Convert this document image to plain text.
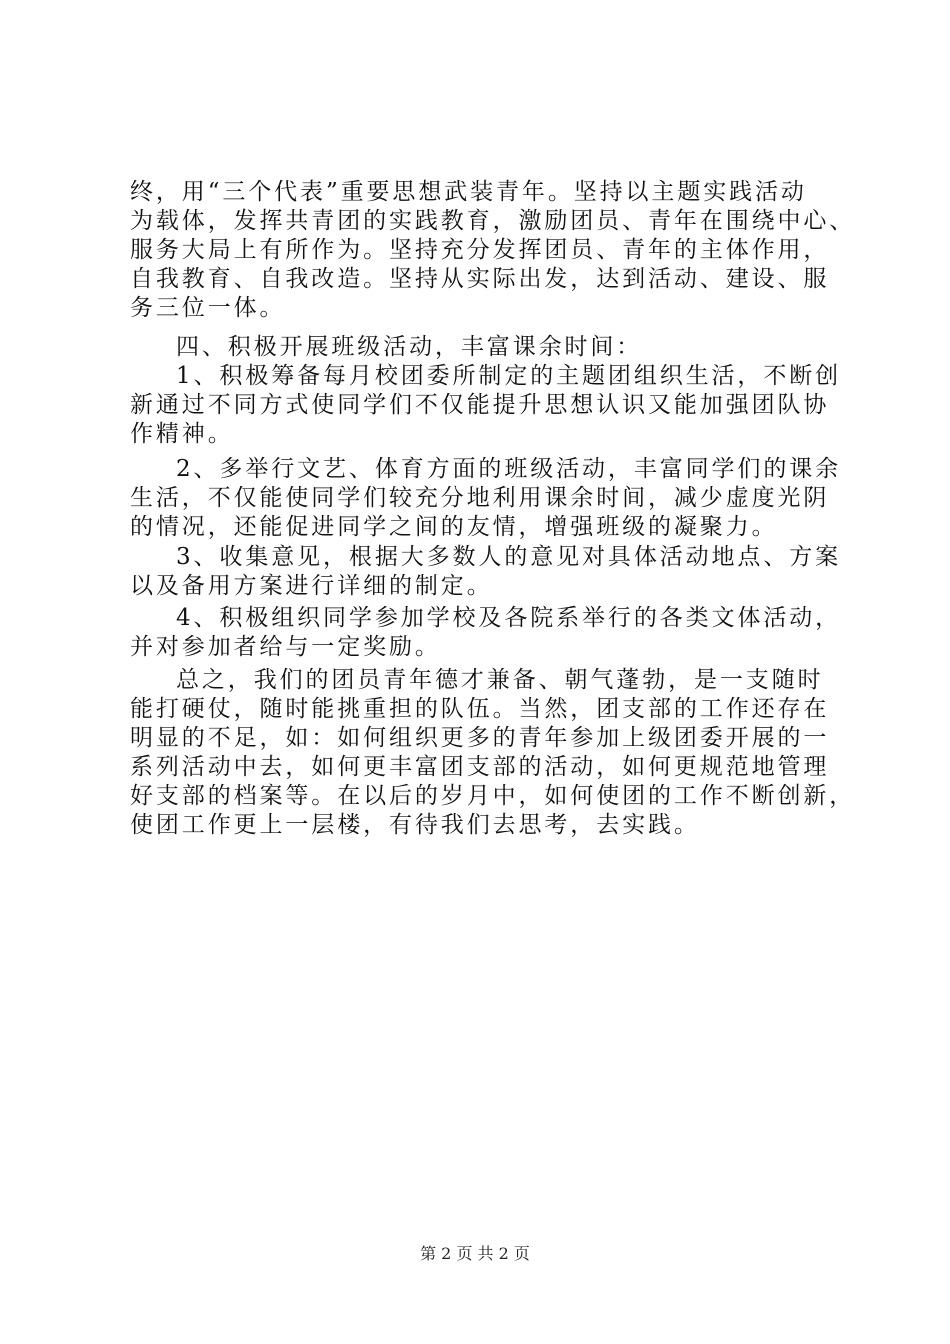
终，用“三个代表”重要思想武装青年。坚持以主题实践活动
为载体，发挥共青团的实践教育，激励团员、青年在围绕中心、
服务大局上有所作为。坚持充分发挥团员、青年的主体作用，
自我教育、自我改造。坚持从实际出发，达到活动、建设、服
务三位一体。
四、积极开展班级活动，丰富课余时间：
1、积极筹备每月校团委所制定的主题团组织生活，不断创
新通过不同方式使同学们不仅能提升思想认识又能加强团队协
作精神。
2、多举行文艺、体育方面的班级活动，丰富同学们的课余
生活，不仅能使同学们较充分地利用课余时间，减少虚度光阴
的情况，还能促进同学之间的友情，增强班级的凝聚力。
3、收集意见，根据大多数人的意见对具体活动地点、方案
以及备用方案进行详细的制定。
4、积极组织同学参加学校及各院系举行的各类文体活动，
并对参加者给与一定奖励。
总之，我们的团员青年德才兼备、朝气蓬勃，是一支随时
能打硬仗，随时能挑重担的队伍。当然，团支部的工作还存在
明显的不足，如：如何组织更多的青年参加上级团委开展的一
系列活动中去，如何更丰富团支部的活动，如何更规范地管理
好支部的档案等。在以后的岁月中，如何使团的工作不断创新，
使团工作更上一层楼，有待我们去思考，去实践。
第 2 页 共 2 页
